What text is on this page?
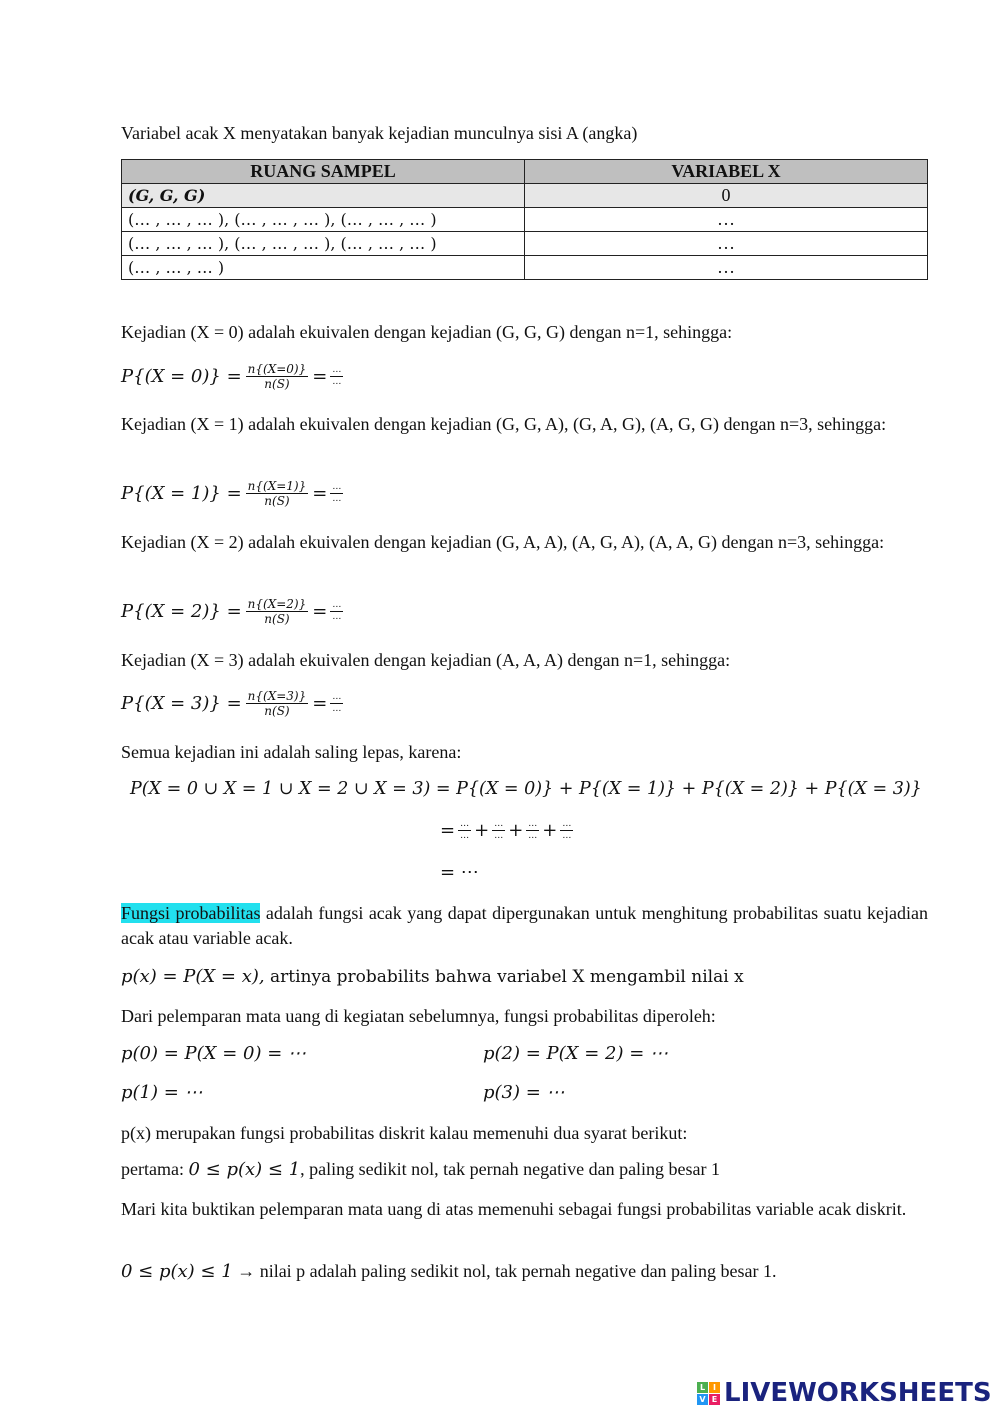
Variabel acak X menyatakan banyak kejadian munculnya sisi A (angka)
RUANG SAMPEL	VARIABEL X
(G, G, G)	0
(… , … , … ), (… , … , … ), (… , … , … )	…
(… , … , … ), (… , … , … ), (… , … , … )	…
(… , … , … )	…
Kejadian (X = 0) adalah ekuivalen dengan kejadian (G, G, G) dengan n=1, sehingga:
$P\{(X = 0)\} = \frac{n\{(X=0)\}}{n(S)} = \frac{\dots}{\dots}$
Kejadian (X = 1) adalah ekuivalen dengan kejadian (G, G, A), (G, A, G), (A, G, G) dengan n=3, sehingga:
$P\{(X = 1)\} = \frac{n\{(X=1)\}}{n(S)} = \frac{\dots}{\dots}$
Kejadian (X = 2) adalah ekuivalen dengan kejadian (G, A, A), (A, G, A), (A, A, G) dengan n=3, sehingga:
$P\{(X = 2)\} = \frac{n\{(X=2)\}}{n(S)} = \frac{\dots}{\dots}$
Kejadian (X = 3) adalah ekuivalen dengan kejadian (A, A, A) dengan n=1, sehingga:
$P\{(X = 3)\} = \frac{n\{(X=3)\}}{n(S)} = \frac{\dots}{\dots}$
Semua kejadian ini adalah saling lepas, karena:
P(X = 0 ∪ X = 1 ∪ X = 2 ∪ X = 3) = P{(X = 0)} + P{(X = 1)} + P{(X = 2)} + P{(X = 3)}
= $\frac{\dots}{\dots} + \frac{\dots}{\dots} + \frac{\dots}{\dots} + \frac{\dots}{\dots}$
= ⋯
Fungsi probabilitas adalah fungsi acak yang dapat dipergunakan untuk menghitung probabilitas suatu kejadian acak atau variable acak.
p(x) = P(X = x), artinya probabilits bahwa variabel X mengambil nilai x
Dari pelemparan mata uang di kegiatan sebelumnya, fungsi probabilitas diperoleh:
p(0) = P(X = 0) = ⋯	p(2) = P(X = 2) = ⋯
p(1) = ⋯	p(3) = ⋯
p(x) merupakan fungsi probabilitas diskrit kalau memenuhi dua syarat berikut:
pertama: 0 ≤ p(x) ≤ 1, paling sedikit nol, tak pernah negative dan paling besar 1
Mari kita buktikan pelemparan mata uang di atas memenuhi sebagai fungsi probabilitas variable acak diskrit.
0 ≤ p(x) ≤ 1 → nilai p adalah paling sedikit nol, tak pernah negative dan paling besar 1.
L I
V E LIVEWORKSHEETS
